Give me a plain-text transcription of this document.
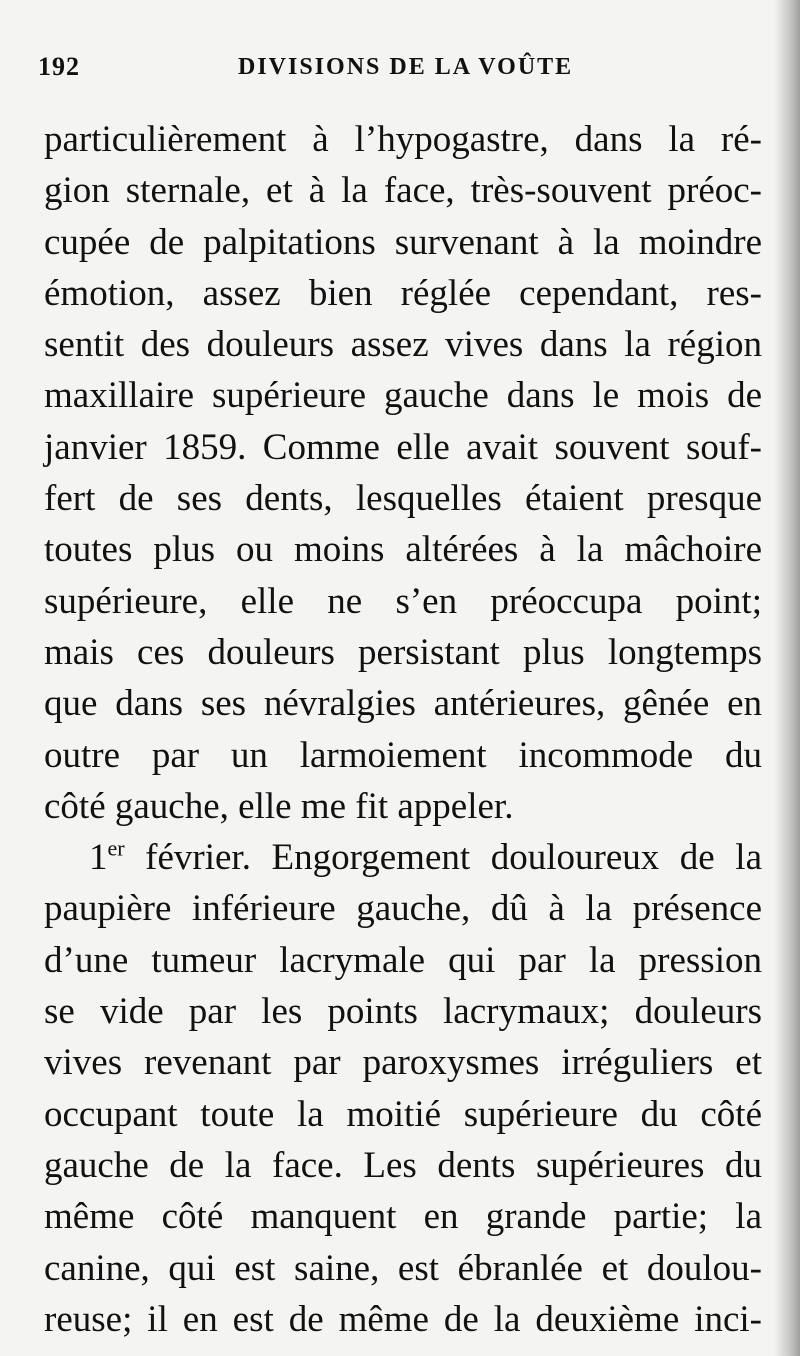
192	DIVISIONS DE LA VOÛTE
particulièrement à l’hypogastre, dans la ré-
gion sternale, et à la face, très-souvent préoc-
cupée de palpitations survenant à la moindre
émotion, assez bien réglée cependant, res-
sentit des douleurs assez vives dans la région
maxillaire supérieure gauche dans le mois de
janvier 1859. Comme elle avait souvent souf-
fert de ses dents, lesquelles étaient presque
toutes plus ou moins altérées à la mâchoire
supérieure, elle ne s’en préoccupa point;
mais ces douleurs persistant plus longtemps
que dans ses névralgies antérieures, gênée en
outre par un larmoiement incommode du
côté gauche, elle me fit appeler.
1er février. Engorgement douloureux de la
paupière inférieure gauche, dû à la présence
d’une tumeur lacrymale qui par la pression
se vide par les points lacrymaux; douleurs
vives revenant par paroxysmes irréguliers et
occupant toute la moitié supérieure du côté
gauche de la face. Les dents supérieures du
même côté manquent en grande partie; la
canine, qui est saine, est ébranlée et doulou-
reuse; il en est de même de la deuxième inci-
